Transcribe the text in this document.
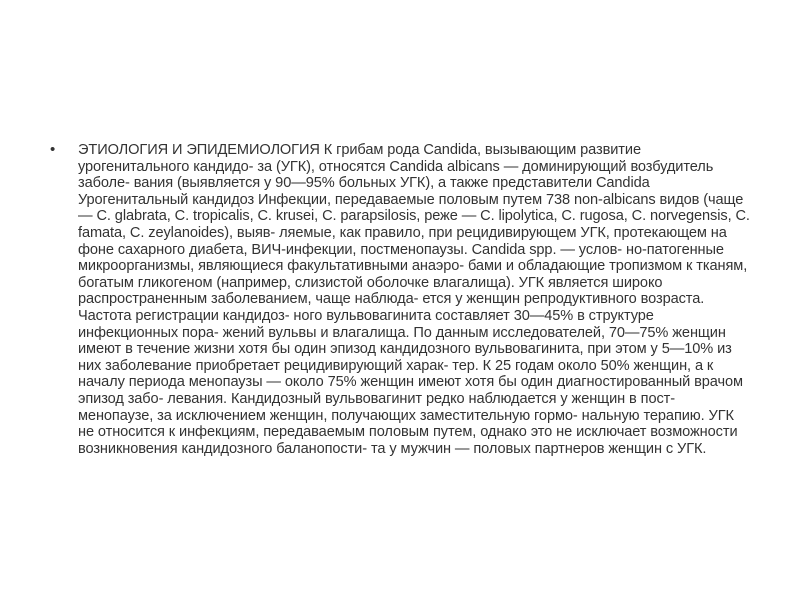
•	ЭТИОЛОГИЯ И ЭПИДЕМИОЛОГИЯ К грибам рода Candida, вызывающим развитие урогенитального кандидо- за (УГК), относятся Candida albicans — доминирующий возбудитель заболе- вания (выявляется у 90—95% больных УГК), а также представители Candida Урогенитальный кандидоз Инфекции, передаваемые половым путем 738 non-albicans видов (чаще — C. glabrata, C. tropicalis, C. krusei, C. parapsilosis, реже — C. lipolytica, C. rugosa, C. norvegensis, C. famata, C. zeylanoides), выяв- ляемые, как правило, при рецидивирующем УГК, протекающем на фоне сахарного диабета, ВИЧ-инфекции, постменопаузы. Candida spp. — услов- но-патогенные микроорганизмы, являющиеся факультативными анаэро- бами и обладающие тропизмом к тканям, богатым гликогеном (например, слизистой оболочке влагалища). УГК является широко распространенным заболеванием, чаще наблюда- ется у женщин репродуктивного возраста. Частота регистрации кандидоз- ного вульвовагинита составляет 30—45% в структуре инфекционных пора- жений вульвы и влагалища. По данным исследователей, 70—75% женщин имеют в течение жизни хотя бы один эпизод кандидозного вульвовагинита, при этом у 5—10% из них заболевание приобретает рецидивирующий харак- тер. К 25 годам около 50% женщин, а к началу периода менопаузы — около 75% женщин имеют хотя бы один диагностированный врачом эпизод забо- левания. Кандидозный вульвовагинит редко наблюдается у женщин в пост- менопаузе, за исключением женщин, получающих заместительную гормо- нальную терапию. УГК не относится к инфекциям, передаваемым половым путем, однако это не исключает возможности возникновения кандидозного баланопости- та у мужчин — половых партнеров женщин с УГК.
